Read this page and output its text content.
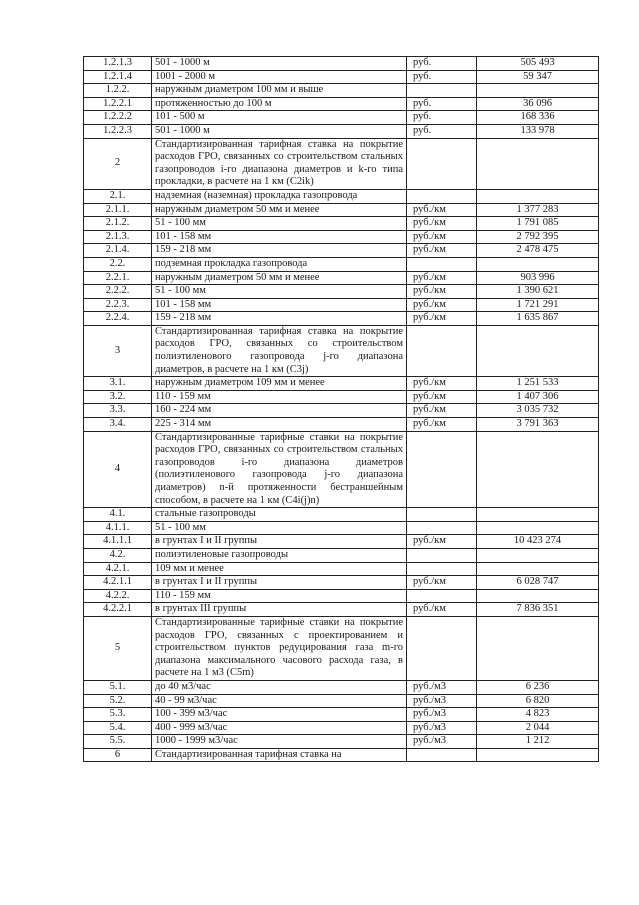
1.2.1.3	501 - 1000 м	руб.	505 493
1.2.1.4	1001 - 2000 м	руб.	59 347
1.2.2.	наружным диаметром 100 мм и выше		
1.2.2.1	протяженностью до 100 м	руб.	36 096
1.2.2.2	101 - 500 м	руб.	168 336
1.2.2.3	501 - 1000 м	руб.	133 978
2	Стандартизированная тарифная ставка на покрытие расходов ГРО, связанных со строительством стальных газопроводов i-го диапазона диаметров и k-го типа прокладки, в расчете на 1 км (C2ik)		
2.1.	надземная (наземная) прокладка газопровода		
2.1.1.	наружным диаметром 50 мм и менее	руб./км	1 377 283
2.1.2.	51 - 100 мм	руб./км	1 791 085
2.1.3.	101 - 158 мм	руб./км	2 792 395
2.1.4.	159 - 218 мм	руб./км	2 478 475
2.2.	подземная прокладка газопровода		
2.2.1.	наружным диаметром 50 мм и менее	руб./км	903 996
2.2.2.	51 - 100 мм	руб./км	1 390 621
2.2.3.	101 - 158 мм	руб./км	1 721 291
2.2.4.	159 - 218 мм	руб./км	1 635 867
3	Стандартизированная тарифная ставка на покрытие расходов ГРО, связанных со строительством полиэтиленового газопровода j-го диапазона диаметров, в расчете на 1 км (C3j)		
3.1.	наружным диаметром 109 мм и менее	руб./км	1 251 533
3.2.	110 - 159 мм	руб./км	1 407 306
3.3.	160 - 224 мм	руб./км	3 035 732
3.4.	225 - 314 мм	руб./км	3 791 363
4	Стандартизированные тарифные ставки на покрытие расходов ГРО, связанных со строительством стальных газопроводов i-го диапазона диаметров (полиэтиленового газопровода j-го диапазона диаметров) n-й протяженности бестраншейным способом, в расчете на 1 км (C4i(j)n)		
4.1.	стальные газопроводы		
4.1.1.	51 - 100 мм		
4.1.1.1	в грунтах I и II группы	руб./км	10 423 274
4.2.	полиэтиленовые газопроводы		
4.2.1.	109 мм и менее		
4.2.1.1	в грунтах I и II группы	руб./км	6 028 747
4.2.2.	110 - 159 мм		
4.2.2.1	в грунтах III группы	руб./км	7 836 351
5	Стандартизированные тарифные ставки на покрытие расходов ГРО, связанных с проектированием и строительством пунктов редуцирования газа m-го диапазона максимального часового расхода газа, в расчете на 1 м3 (C5m)		
5.1.	до 40 м3/час	руб./м3	6 236
5.2.	40 - 99 м3/час	руб./м3	6 820
5.3.	100 - 399 м3/час	руб./м3	4 823
5.4.	400 - 999 м3/час	руб./м3	2 044
5.5.	1000 - 1999 м3/час	руб./м3	1 212
6	Стандартизированная тарифная ставка на		
